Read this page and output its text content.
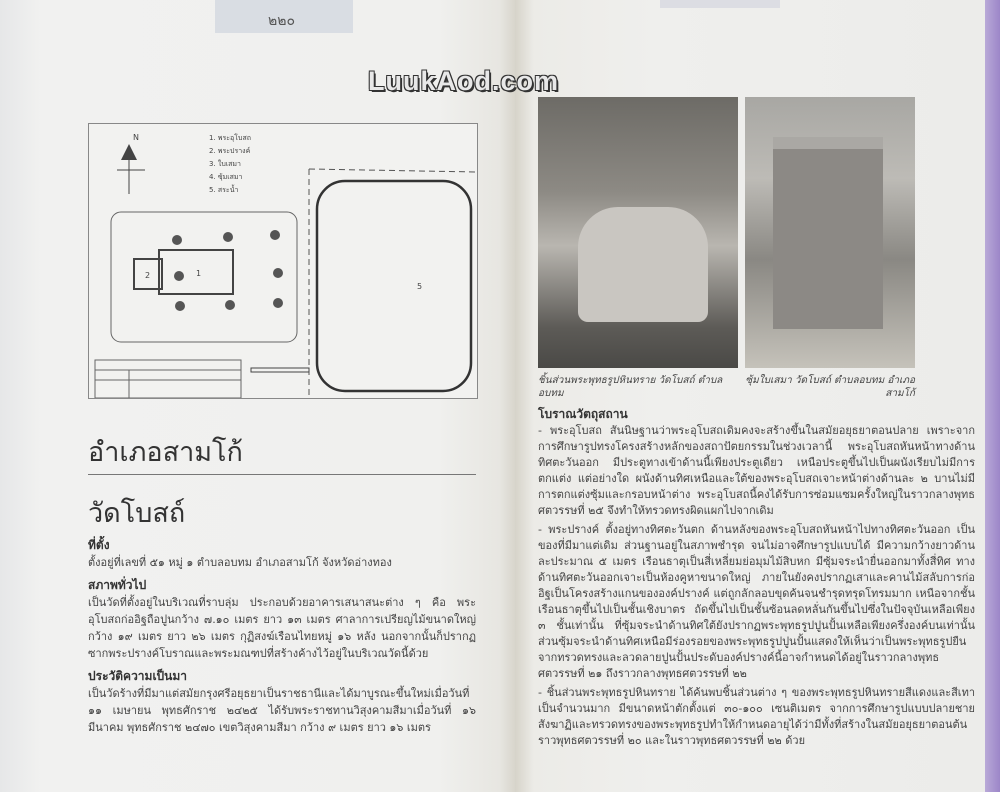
๒๒๐
N
1
2
5
1. พระอุโบสถ
2. พระปรางค์
3. ใบเสมา
4. ซุ้มเสมา
5. สระน้ำ
อำเภอสามโก้
วัดโบสถ์
ที่ตั้ง
ตั้งอยู่ที่เลขที่ ๕๑ หมู่ ๑ ตำบลอบทม อำเภอสามโก้ จังหวัดอ่างทอง
สภาพทั่วไป
เป็นวัดที่ตั้งอยู่ในบริเวณที่ราบลุ่ม ประกอบด้วยอาคารเสนาสนะต่าง ๆ คือ พระอุโบสถก่ออิฐถือปูนกว้าง ๗.๑๐ เมตร ยาว ๑๓ เมตร ศาลาการเปรียญไม้ขนาดใหญ่ กว้าง ๑๙ เมตร ยาว ๒๖ เมตร กุฏิสงฆ์เรือนไทยหมู่ ๑๖ หลัง นอกจากนั้นก็ปรากฏซากพระปรางค์โบราณและพระมณฑปที่สร้างค้างไว้อยู่ในบริเวณวัดนี้ด้วย
ประวัติความเป็นมา
เป็นวัดร้างที่มีมาแต่สมัยกรุงศรีอยุธยาเป็นราชธานีและได้มาบูรณะขึ้นใหม่เมื่อวันที่ ๑๑ เมษายน พุทธศักราช ๒๔๒๕ ได้รับพระราชทานวิสุงคามสีมาเมื่อวันที่ ๑๖ มีนาคม พุทธศักราช ๒๔๗๐ เขตวิสุงคามสีมา กว้าง ๙ เมตร ยาว ๑๖ เมตร
ชิ้นส่วนพระพุทธรูปหินทราย วัดโบสถ์ ตำบลอบทม
ซุ้มใบเสมา วัดโบสถ์ ตำบลอบทม อำเภอสามโก้
โบราณวัตถุสถาน
- พระอุโบสถ สันนิษฐานว่าพระอุโบสถเดิมคงจะสร้างขึ้นในสมัยอยุธยาตอนปลาย เพราะจากการศึกษารูปทรงโครงสร้างหลักของสถาปัตยกรรมในช่วงเวลานี้ พระอุโบสถหันหน้าทางด้านทิศตะวันออก มีประตูทางเข้าด้านนี้เพียงประตูเดียว เหนือประตูขึ้นไปเป็นผนังเรียบไม่มีการตกแต่ง แต่อย่างใด ผนังด้านทิศเหนือและใต้ของพระอุโบสถเจาะหน้าต่างด้านละ ๒ บานไม่มีการตกแต่งซุ้มและกรอบหน้าต่าง พระอุโบสถนี้คงได้รับการซ่อมแซมครั้งใหญ่ในราวกลางพุทธศตวรรษที่ ๒๕ จึงทำให้ทรวดทรงผิดแผกไปจากเดิม
- พระปรางค์ ตั้งอยู่ทางทิศตะวันตก ด้านหลังของพระอุโบสถหันหน้าไปทางทิศตะวันออก เป็นของที่มีมาแต่เดิม ส่วนฐานอยู่ในสภาพชำรุด จนไม่อาจศึกษารูปแบบได้ มีความกว้างยาวด้านละประมาณ ๕ เมตร เรือนธาตุเป็นสี่เหลี่ยมย่อมุมไม้สิบหก มีซุ้มจระนำยื่นออกมาทั้งสี่ทิศ ทางด้านทิศตะวันออกเจาะเป็นห้องคูหาขนาดใหญ่ ภายในยังคงปรากฏเสาและคานไม้สลับการก่ออิฐเป็นโครงสร้างแกนขององค์ปรางค์ แต่ถูกลักลอบขุดค้นจนชำรุดทรุดโทรมมาก เหนือจากชั้นเรือนธาตุขึ้นไปเป็นชั้นเชิงบาตร ถัดขึ้นไปเป็นชั้นซ้อนลดหลั่นกันขึ้นไปซึ่งในปัจจุบันเหลือเพียง ๓ ชั้นเท่านั้น ที่ซุ้มจระนำด้านทิศใต้ยังปรากฏพระพุทธรูปปูนปั้นเหลือเพียงครึ่งองค์บนเท่านั้น ส่วนซุ้มจระนำด้านทิศเหนือมีร่องรอยของพระพุทธรูปปูนปั้นแสดงให้เห็นว่าเป็นพระพุทธรูปยืนจากทรวดทรงและลวดลายปูนปั้นประดับองค์ปรางค์นี้อาจกำหนดได้อยู่ในราวกลางพุทธศตวรรษที่ ๒๑ ถึงราวกลางพุทธศตวรรษที่ ๒๒
- ชิ้นส่วนพระพุทธรูปหินทราย ได้ค้นพบชิ้นส่วนต่าง ๆ ของพระพุทธรูปหินทรายสีแดงและสีเทาเป็นจำนวนมาก มีขนาดหน้าตักตั้งแต่ ๓๐-๑๐๐ เซนติเมตร จากการศึกษารูปแบบปลายชายสังฆาฏิและทรวดทรงของพระพุทธรูปทำให้กำหนดอายุได้ว่ามีทั้งที่สร้างในสมัยอยุธยาตอนต้นราวพุทธศตวรรษที่ ๒๐ และในราวพุทธศตวรรษที่ ๒๒ ด้วย
LuukAod.com
